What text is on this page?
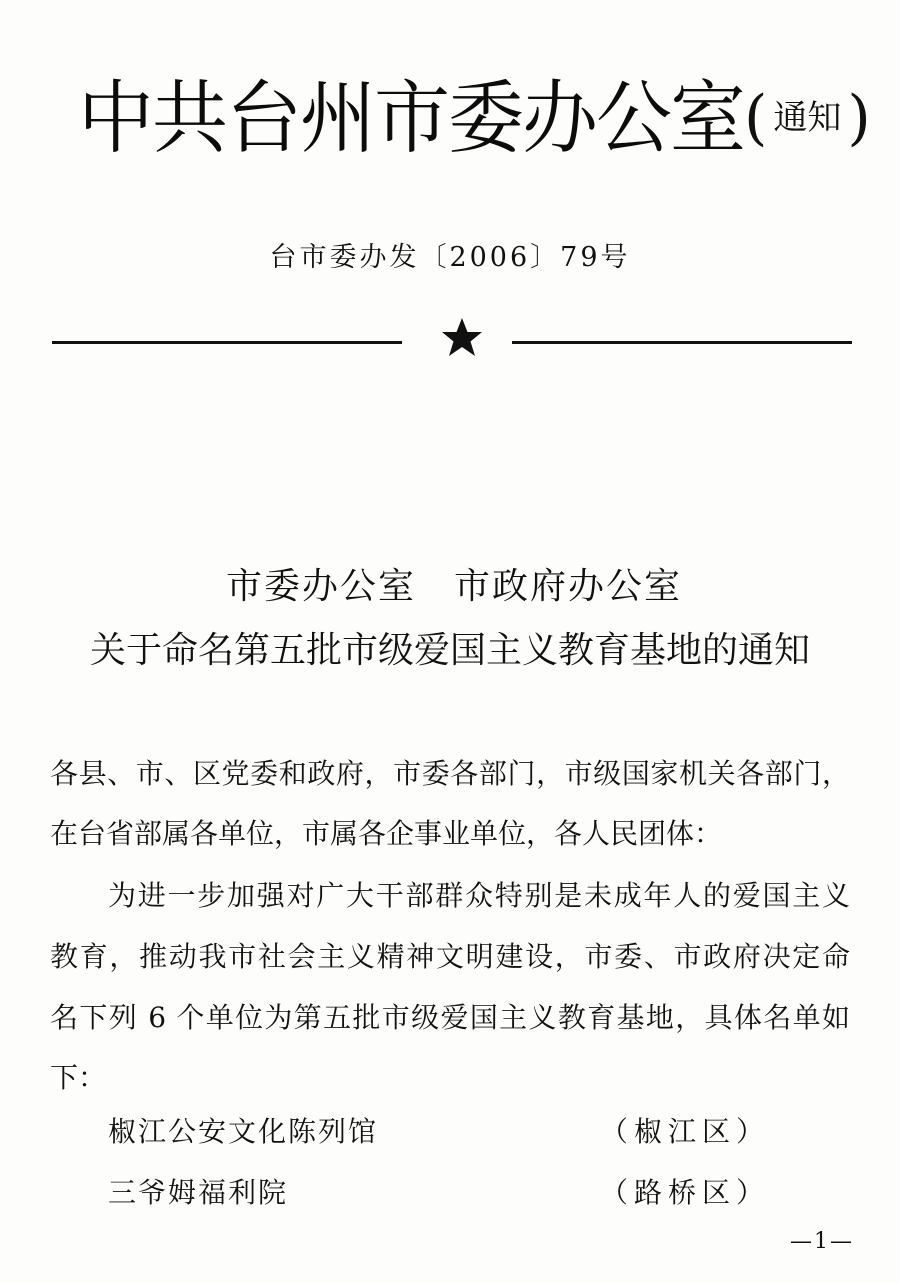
中共台州市委办公室( 通知 )
台市委办发〔2006〕79号
市委办公室　市政府办公室
关于命名第五批市级爱国主义教育基地的通知
各县、市、区党委和政府，市委各部门，市级国家机关各部门，
在台省部属各单位，市属各企事业单位，各人民团体：
为进一步加强对广大干部群众特别是未成年人的爱国主义
教育，推动我市社会主义精神文明建设，市委、市政府决定命
名下列 6 个单位为第五批市级爱国主义教育基地，具体名单如
下：
椒江公安文化陈列馆	（椒江区）
三爷姆福利院	（路桥区）
—1—
